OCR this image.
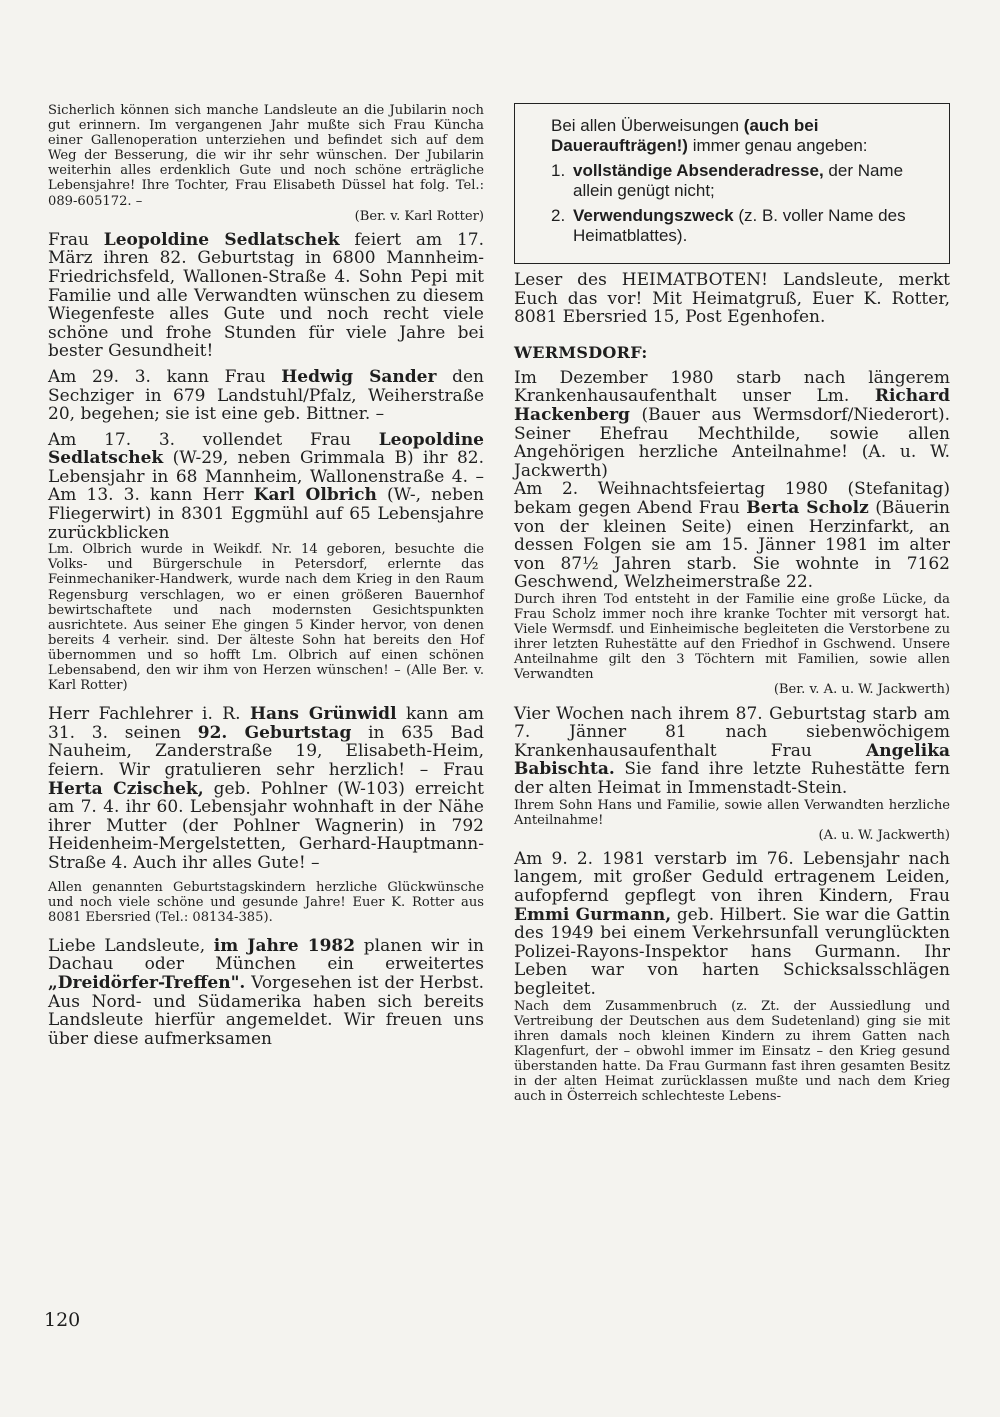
Sicherlich können sich manche Landsleute an die Jubilarin noch gut erinnern. Im vergangenen Jahr mußte sich Frau Küncha einer Gallenoperation unterziehen und befindet sich auf dem Weg der Besserung, die wir ihr sehr wünschen. Der Jubilarin weiterhin alles erdenklich Gute und noch schöne erträgliche Lebensjahre! Ihre Tochter, Frau Elisabeth Düssel hat folg. Tel.: 089-605172. –

(Ber. v. Karl Rotter)

Frau Leopoldine Sedlatschek feiert am 17. März ihren 82. Geburtstag in 6800 Mannheim-Friedrichsfeld, Wallonen-Straße 4. Sohn Pepi mit Familie und alle Verwandten wünschen zu diesem Wiegenfeste alles Gute und noch recht viele schöne und frohe Stunden für viele Jahre bei bester Gesundheit!

Am 29. 3. kann Frau Hedwig Sander den Sechziger in 679 Landstuhl/Pfalz, Weiherstraße 20, begehen; sie ist eine geb. Bittner. –

Am 17. 3. vollendet Frau Leopoldine Sedlatschek (W-29, neben Grimmala B) ihr 82. Lebensjahr in 68 Mannheim, Wallonenstraße 4. – Am 13. 3. kann Herr Karl Olbrich (W-, neben Fliegerwirt) in 8301 Eggmühl auf 65 Lebensjahre zurückblicken

Lm. Olbrich wurde in Weikdf. Nr. 14 geboren, besuchte die Volks- und Bürgerschule in Petersdorf, erlernte das Feinmechaniker-Handwerk, wurde nach dem Krieg in den Raum Regensburg verschlagen, wo er einen größeren Bauernhof bewirtschaftete und nach modernsten Gesichtspunkten ausrichtete. Aus seiner Ehe gingen 5 Kinder hervor, von denen bereits 4 verheir. sind. Der älteste Sohn hat bereits den Hof übernommen und so hofft Lm. Olbrich auf einen schönen Lebensabend, den wir ihm von Herzen wünschen! – (Alle Ber. v. Karl Rotter)

Herr Fachlehrer i. R. Hans Grünwidl kann am 31. 3. seinen 92. Geburtstag in 635 Bad Nauheim, Zanderstraße 19, Elisabeth-Heim, feiern. Wir gratulieren sehr herzlich! – Frau Herta Czischek, geb. Pohlner (W-103) erreicht am 7. 4. ihr 60. Lebensjahr wohnhaft in der Nähe ihrer Mutter (der Pohlner Wagnerin) in 792 Heidenheim-Mergelstetten, Gerhard-Hauptmann-Straße 4. Auch ihr alles Gute! –

Allen genannten Geburtstagskindern herzliche Glückwünsche und noch viele schöne und gesunde Jahre! Euer K. Rotter aus 8081 Ebersried (Tel.: 08134-385).

Liebe Landsleute, im Jahre 1982 planen wir in Dachau oder München ein erweitertes „Dreidörfer-Treffen". Vorgesehen ist der Herbst. Aus Nord- und Südamerika haben sich bereits Landsleute hierfür angemeldet. Wir freuen uns über diese aufmerksamen

Bei allen Überweisungen (auch bei Daueraufträgen!) immer genau angeben:
1. vollständige Absenderadresse, der Name allein genügt nicht;
2. Verwendungszweck (z. B. voller Name des Heimatblattes).

Leser des HEIMATBOTEN! Landsleute, merkt Euch das vor! Mit Heimatgruß, Euer K. Rotter, 8081 Ebersried 15, Post Egenhofen.

WERMSDORF:

Im Dezember 1980 starb nach längerem Krankenhausaufenthalt unser Lm. Richard Hackenberg (Bauer aus Wermsdorf/Niederort). Seiner Ehefrau Mechthilde, sowie allen Angehörigen herzliche Anteilnahme! (A. u. W. Jackwerth)

Am 2. Weihnachtsfeiertag 1980 (Stefanitag) bekam gegen Abend Frau Berta Scholz (Bäuerin von der kleinen Seite) einen Herzinfarkt, an dessen Folgen sie am 15. Jänner 1981 im alter von 87½ Jahren starb. Sie wohnte in 7162 Geschwend, Welzheimerstraße 22.

Durch ihren Tod entsteht in der Familie eine große Lücke, da Frau Scholz immer noch ihre kranke Tochter mit versorgt hat. Viele Wermsdf. und Einheimische begleiteten die Verstorbene zu ihrer letzten Ruhestätte auf den Friedhof in Gschwend. Unsere Anteilnahme gilt den 3 Töchtern mit Familien, sowie allen Verwandten

(Ber. v. A. u. W. Jackwerth)

Vier Wochen nach ihrem 87. Geburtstag starb am 7. Jänner 81 nach siebenwöchigem Krankenhausaufenthalt Frau Angelika Babischta. Sie fand ihre letzte Ruhestätte fern der alten Heimat in Immenstadt-Stein.

Ihrem Sohn Hans und Familie, sowie allen Verwandten herzliche Anteilnahme!

(A. u. W. Jackwerth)

Am 9. 2. 1981 verstarb im 76. Lebensjahr nach langem, mit großer Geduld ertragenem Leiden, aufopfernd gepflegt von ihren Kindern, Frau Emmi Gurmann, geb. Hilbert. Sie war die Gattin des 1949 bei einem Verkehrsunfall verunglückten Polizei-Rayons-Inspektor hans Gurmann. Ihr Leben war von harten Schicksalsschlägen begleitet.

Nach dem Zusammenbruch (z. Zt. der Aussiedlung und Vertreibung der Deutschen aus dem Sudetenland) ging sie mit ihren damals noch kleinen Kindern zu ihrem Gatten nach Klagenfurt, der – obwohl immer im Einsatz – den Krieg gesund überstanden hatte. Da Frau Gurmann fast ihren gesamten Besitz in der alten Heimat zurücklassen mußte und nach dem Krieg auch in Österreich schlechteste Lebens-

120
